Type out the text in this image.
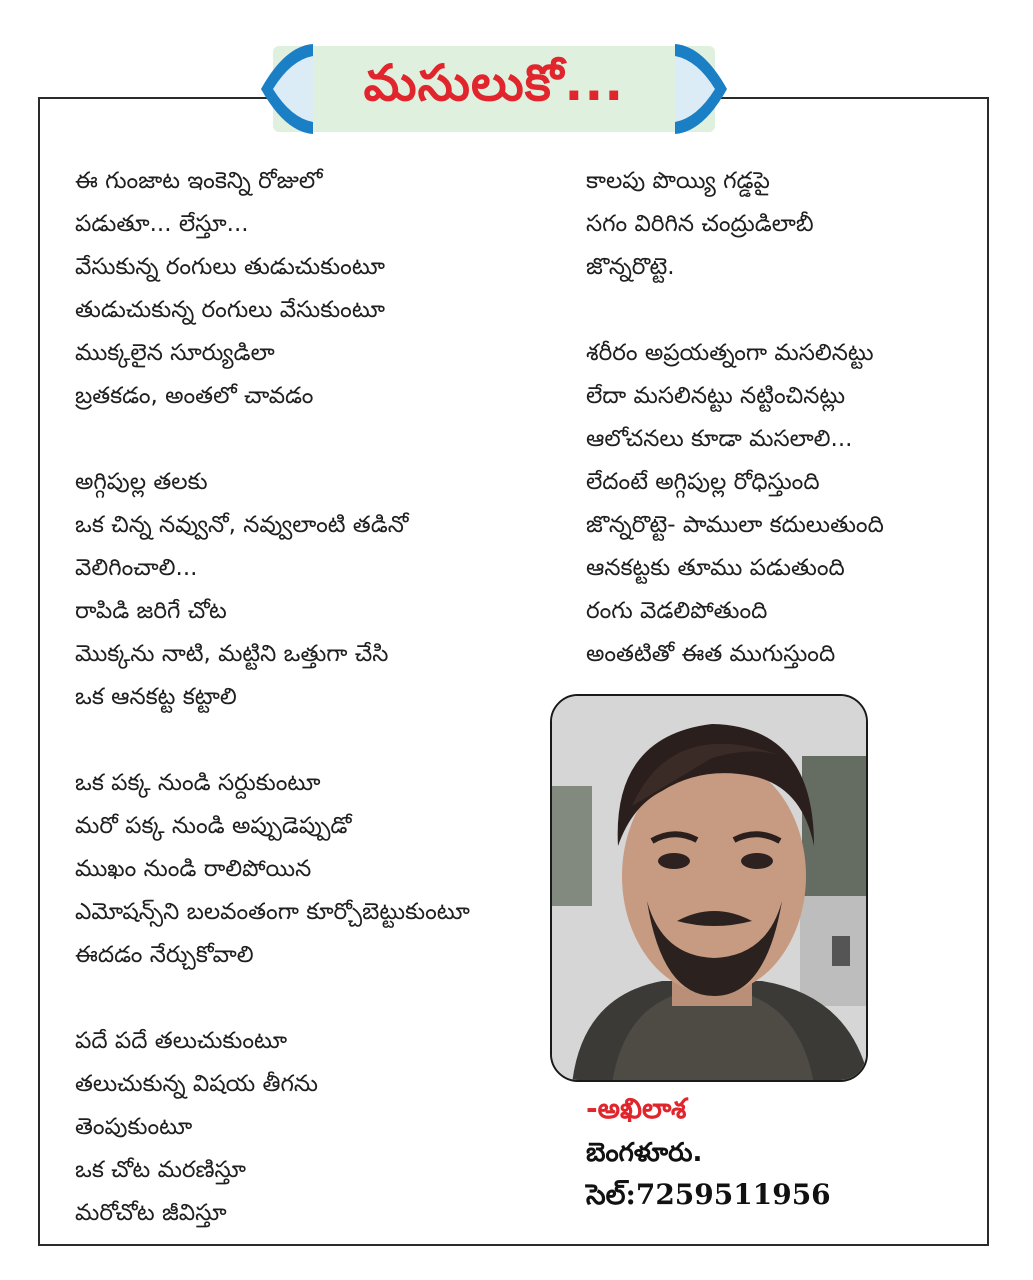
మసులుకో...
ఈ గుంజాట ఇంకెన్ని రోజులో
పడుతూ... లేస్తూ...
వేసుకున్న రంగులు తుడుచుకుంటూ
తుడుచుకున్న రంగులు వేసుకుంటూ
ముక్కలైన సూర్యుడిలా
బ్రతకడం, అంతలో చావడం
అగ్గిపుల్ల తలకు
ఒక చిన్న నవ్వునో, నవ్వులాంటి తడినో
వెలిగించాలి...
రాపిడి జరిగే చోట
మొక్కను నాటి, మట్టిని ఒత్తుగా చేసి
ఒక ఆనకట్ట కట్టాలి
ఒక పక్క నుండి సర్దుకుంటూ
మరో పక్క నుండి అప్పుడెప్పుడో
ముఖం నుండి రాలిపోయిన
ఎమోషన్స్‌ని బలవంతంగా కూర్చోబెట్టుకుంటూ
ఈదడం నేర్చుకోవాలి
పదే పదే తలుచుకుంటూ
తలుచుకున్న విషయ తీగను
తెంపుకుంటూ
ఒక చోట మరణిస్తూ
మరోచోట జీవిస్తూ
కాలపు పొయ్యి గడ్డపై
సగం విరిగిన చంద్రుడిలాబీ
జొన్నరొట్టె.
శరీరం అప్రయత్నంగా మసలినట్టు
లేదా మసలినట్టు నట్టించినట్లు
ఆలోచనలు కూడా మసలాలి...
లేదంటే అగ్గిపుల్ల రోధిస్తుంది
జొన్నరొట్టె- పాములా కదులుతుంది
ఆనకట్టకు తూము పడుతుంది
రంగు వెడలిపోతుంది
అంతటితో ఈత ముగుస్తుంది
-అఖిలాశ
బెంగళూరు.
సెల్:7259511956
